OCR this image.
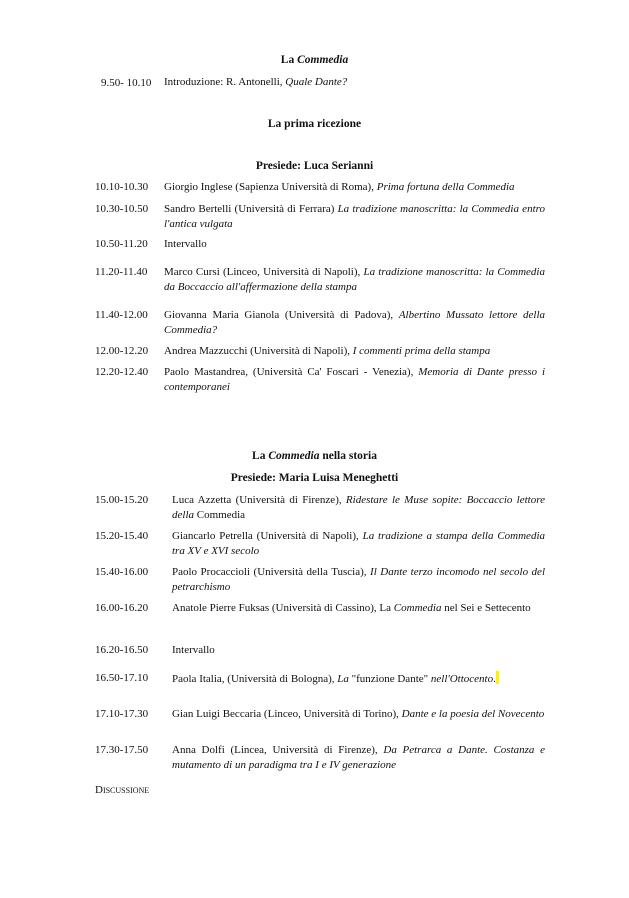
La Commedia
9.50- 10.10 Introduzione: R. Antonelli, Quale Dante?
La prima ricezione
Presiede: Luca Serianni
10.10-10.30 Giorgio Inglese (Sapienza Università di Roma), Prima fortuna della Commedia
10.30-10.50 Sandro Bertelli (Università di Ferrara) La tradizione manoscritta: la Commedia entro l'antica vulgata
10.50-11.20 Intervallo
11.20-11.40 Marco Cursi (Linceo, Università di Napoli), La tradizione manoscritta: la Commedia da Boccaccio all'affermazione della stampa
11.40-12.00 Giovanna Maria Gianola (Università di Padova), Albertino Mussato lettore della Commedia?
12.00-12.20 Andrea Mazzucchi (Università di Napoli), I commenti prima della stampa
12.20-12.40 Paolo Mastandrea, (Università Ca' Foscari - Venezia), Memoria di Dante presso i contemporanei
La Commedia nella storia
Presiede: Maria Luisa Meneghetti
15.00-15.20 Luca Azzetta (Università di Firenze), Ridestare le Muse sopite: Boccaccio lettore della Commedia
15.20-15.40 Giancarlo Petrella (Università di Napoli), La tradizione a stampa della Commedia tra XV e XVI secolo
15.40-16.00 Paolo Procaccioli (Università della Tuscia), Il Dante terzo incomodo nel secolo del petrarchismo
16.00-16.20 Anatole Pierre Fuksas (Università di Cassino), La Commedia nel Sei e Settecento
16.20-16.50 Intervallo
16.50-17.10 Paola Italia, (Università di Bologna), La "funzione Dante" nell'Ottocento.
17.10-17.30 Gian Luigi Beccaria (Linceo, Università di Torino), Dante e la poesia del Novecento
17.30-17.50 Anna Dolfi (Lincea, Università di Firenze), Da Petrarca a Dante. Costanza e mutamento di un paradigma tra I e IV generazione
Discussione
